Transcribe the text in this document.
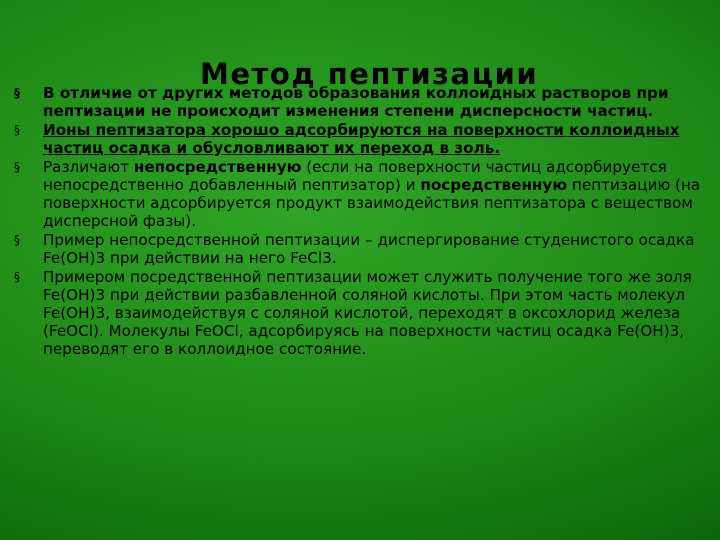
Метод пептизации
§ В отличие от других методов образования коллоидных растворов при пептизации не происходит изменения степени дисперсности частиц.
§ Ионы пептизатора хорошо адсорбируются на поверхности коллоидных частиц осадка и обусловливают их переход в золь.
§ Различают непосредственную (если на поверхности частиц адсорбируется непосредственно добавленный пептизатор) и посредственную пептизацию (на поверхности адсорбируется продукт взаимодействия пептизатора с веществом дисперсной фазы).
§ Пример непосредственной пептизации – диспергирование студенистого осадка Fe(OH)3 при действии на него FeCl3.
§ Примером посредственной пептизации может служить получение того же золя Fe(OH)3 при действии разбавленной соляной кислоты. При этом часть молекул Fe(OH)3, взаимодействуя с соляной кислотой, переходят в оксохлорид железа (FeOCl). Молекулы FeOCl, адсорбируясь на поверхности частиц осадка Fe(OH)3, переводят его в коллоидное состояние.
